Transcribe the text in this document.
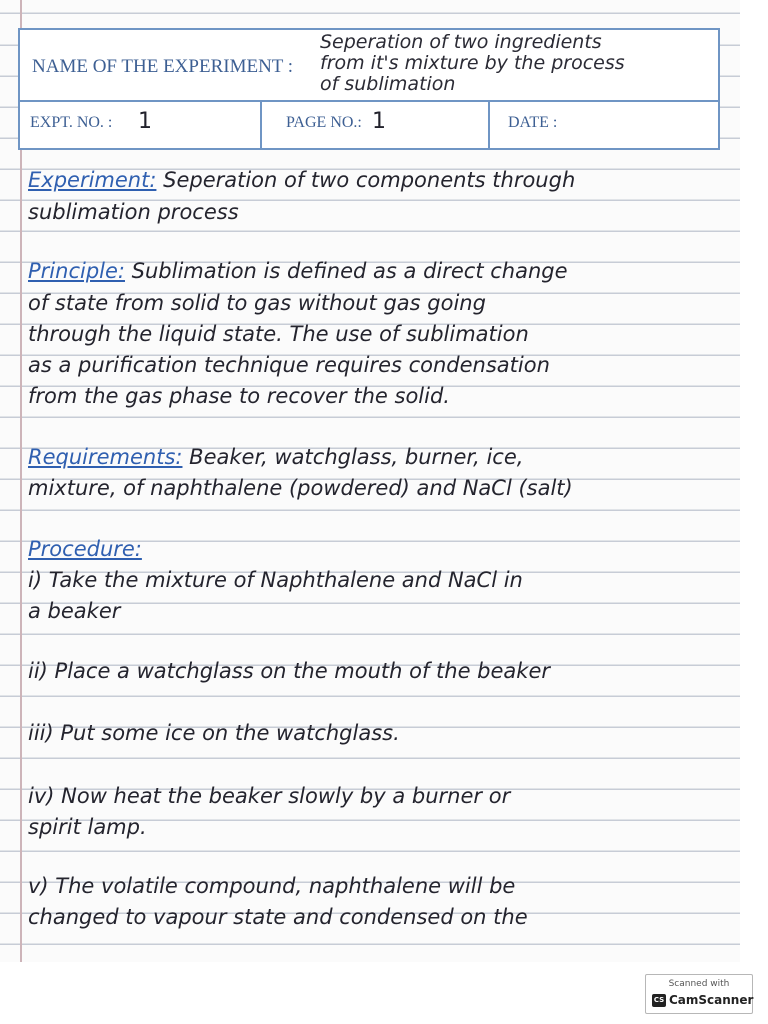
NAME OF THE EXPERIMENT :
Seperation of two ingredients
from it's mixture by the process
of sublimation
EXPT. NO. : 1	PAGE NO.: 1	DATE :
Experiment: Seperation of two components through
sublimation process
Principle: Sublimation is defined as a direct change
of state from solid to gas without gas going
through the liquid state. The use of sublimation
as a purification technique requires condensation
from the gas phase to recover the solid.
Requirements: Beaker, watchglass, burner, ice,
mixture, of naphthalene (powdered) and NaCl (salt)
Procedure:
i) Take the mixture of Naphthalene and NaCl in
a beaker
ii) Place a watchglass on the mouth of the beaker
iii) Put some ice on the watchglass.
iv) Now heat the beaker slowly by a burner or
spirit lamp.
v) The volatile compound, naphthalene will be
changed to vapour state and condensed on the
Scanned with
CS CamScanner
